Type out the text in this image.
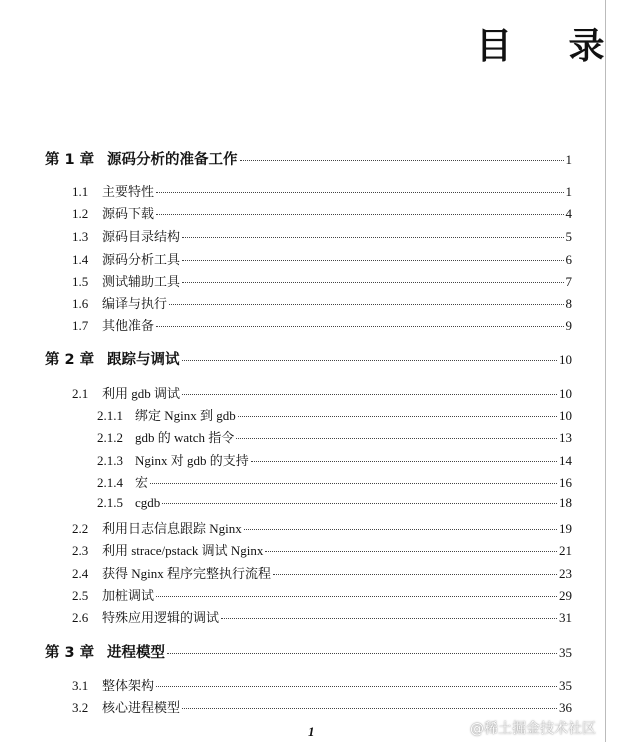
目 录
第 1 章 源码分析的准备工作	1
1.1	主要特性	1
1.2	源码下载	4
1.3	源码目录结构	5
1.4	源码分析工具	6
1.5	测试辅助工具	7
1.6	编译与执行	8
1.7	其他准备	9
第 2 章 跟踪与调试	10
2.1	利用 gdb 调试	10
2.1.1 绑定 Nginx 到 gdb	10
2.1.2 gdb 的 watch 指令	13
2.1.3 Nginx 对 gdb 的支持	14
2.1.4 宏	16
2.1.5 cgdb	18
2.2	利用日志信息跟踪 Nginx	19
2.3	利用 strace/pstack 调试 Nginx	21
2.4	获得 Nginx 程序完整执行流程	23
2.5	加桩调试	29
2.6	特殊应用逻辑的调试	31
第 3 章 进程模型	35
3.1	整体架构	35
3.2	核心进程模型	36
1	@稀土掘金技术社区
